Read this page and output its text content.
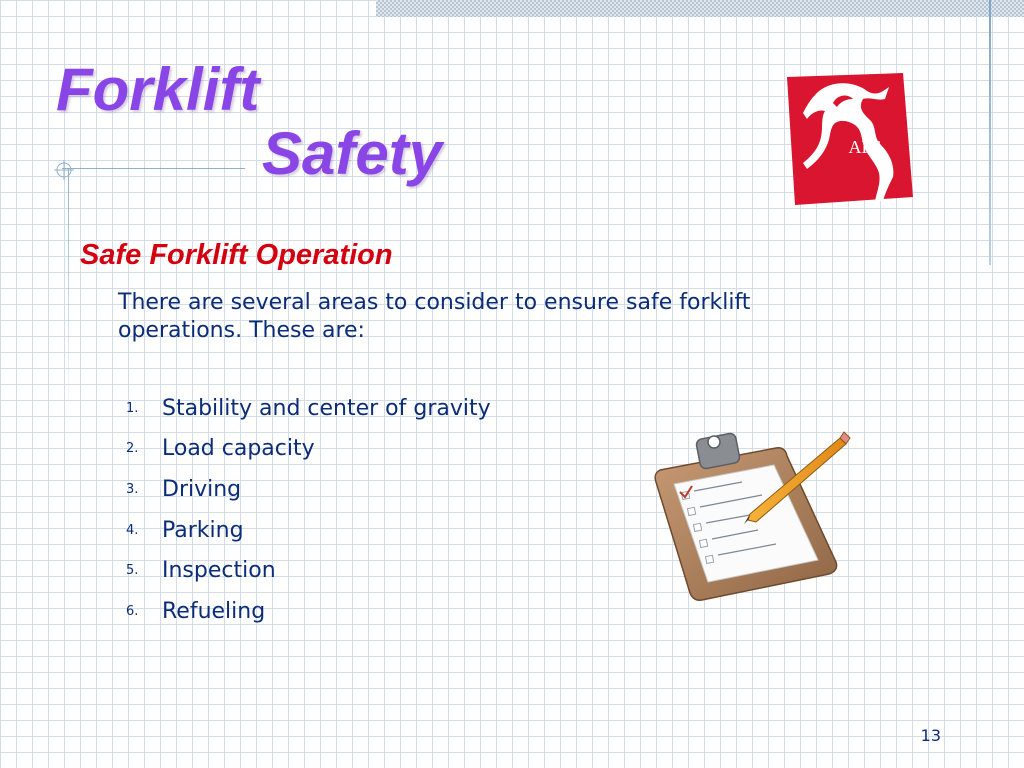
Forklift
Safety	APS
Safe Forklift Operation

There are several areas to consider to ensure safe forklift operations. These are:

1.	Stability and center of gravity
2.	Load capacity
3.	Driving
4.	Parking
5.	Inspection
6.	Refueling
13
